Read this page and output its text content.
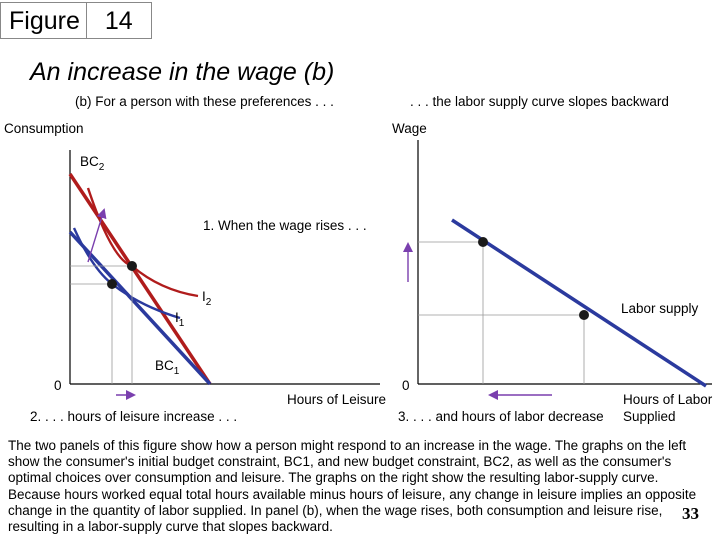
Figure	14
An increase in the wage (b)
(b) For a person with these preferences . . .	. . . the labor supply curve slopes backward
Consumption
Hours of Leisure
0
$BC_2$
$BC_1$
$I_2$
$I_1$
1. When the wage rises . . .
2. . . . hours of leisure increase . . .
Wage
0
Labor supply
Hours of Labor
Supplied
3. . . . and hours of labor decrease
The two panels of this figure show how a person might respond to an increase in the wage. The graphs on the left show the consumer's initial budget constraint, BC1, and new budget constraint, BC2, as well as the consumer's optimal choices over consumption and leisure. The graphs on the right show the resulting labor-supply curve. Because hours worked equal total hours available minus hours of leisure, any change in leisure implies an opposite change in the quantity of labor supplied. In panel (b), when the wage rises, both consumption and leisure rise, resulting in a labor-supply curve that slopes backward.
33
